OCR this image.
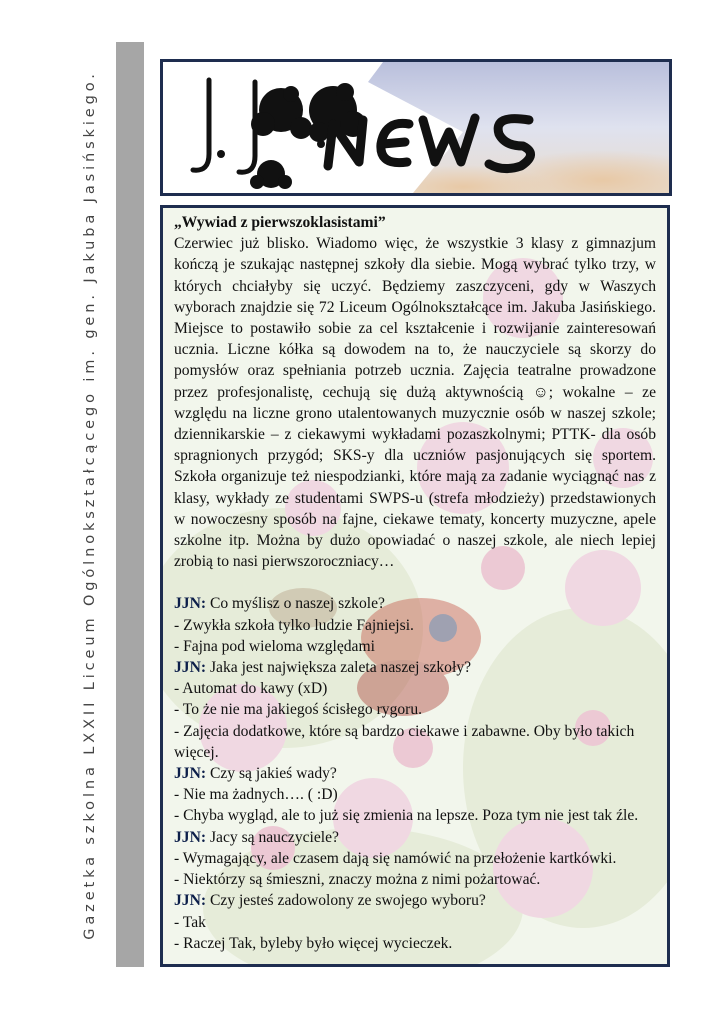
Gazetka szkolna LXXII Liceum Ogólnokształcącego im. gen. Jakuba Jasińskiego.	„Wywiad z pierwszoklasistami”
Czerwiec już blisko. Wiadomo więc, że wszystkie 3 klasy z gimnazjum kończą je szukając następnej szkoły dla siebie. Mogą wybrać tylko trzy, w których chciałyby się uczyć. Będziemy zaszczyceni, gdy w Waszych wyborach znajdzie się 72 Liceum Ogólnokształcące im. Jakuba Jasińskiego. Miejsce to postawiło sobie za cel kształcenie i rozwijanie zainteresowań ucznia. Liczne kółka są dowodem na to, że nauczyciele są skorzy do pomysłów oraz spełniania potrzeb ucznia. Zajęcia teatralne prowadzone przez profesjonalistę, cechują się dużą aktywnością ☺; wokalne – ze względu na liczne grono utalentowanych muzycznie osób w naszej szkole; dziennikarskie – z ciekawymi wykładami pozaszkolnymi; PTTK- dla osób spragnionych przygód; SKS-y dla uczniów pasjonujących się sportem. Szkoła organizuje też niespodzianki, które mają za zadanie wyciągnąć nas z klasy, wykłady ze studentami SWPS-u (strefa młodzieży) przedstawionych w nowoczesny sposób na fajne, ciekawe tematy, koncerty muzyczne, apele szkolne itp. Można by dużo opowiadać o naszej szkole, ale niech lepiej zrobią to nasi pierwszoroczniacy…
JJN: Co myślisz o naszej szkole?
- Zwykła szkoła tylko ludzie Fajniejsi.
- Fajna pod wieloma względami
JJN: Jaka jest największa zaleta naszej szkoły?
- Automat do kawy (xD)
- To że nie ma jakiegoś ścisłego rygoru.
- Zajęcia dodatkowe, które są bardzo ciekawe i zabawne. Oby było takich więcej.
JJN: Czy są jakieś wady?
- Nie ma żadnych…. ( :D)
- Chyba wygląd, ale to już się zmienia na lepsze. Poza tym nie jest tak źle.
JJN: Jacy są nauczyciele?
- Wymagający, ale czasem dają się namówić na przełożenie kartkówki.
- Niektórzy są śmieszni, znaczy można z nimi pożartować.
JJN: Czy jesteś zadowolony ze swojego wyboru?
- Tak
- Raczej Tak, byleby było więcej wycieczek.
